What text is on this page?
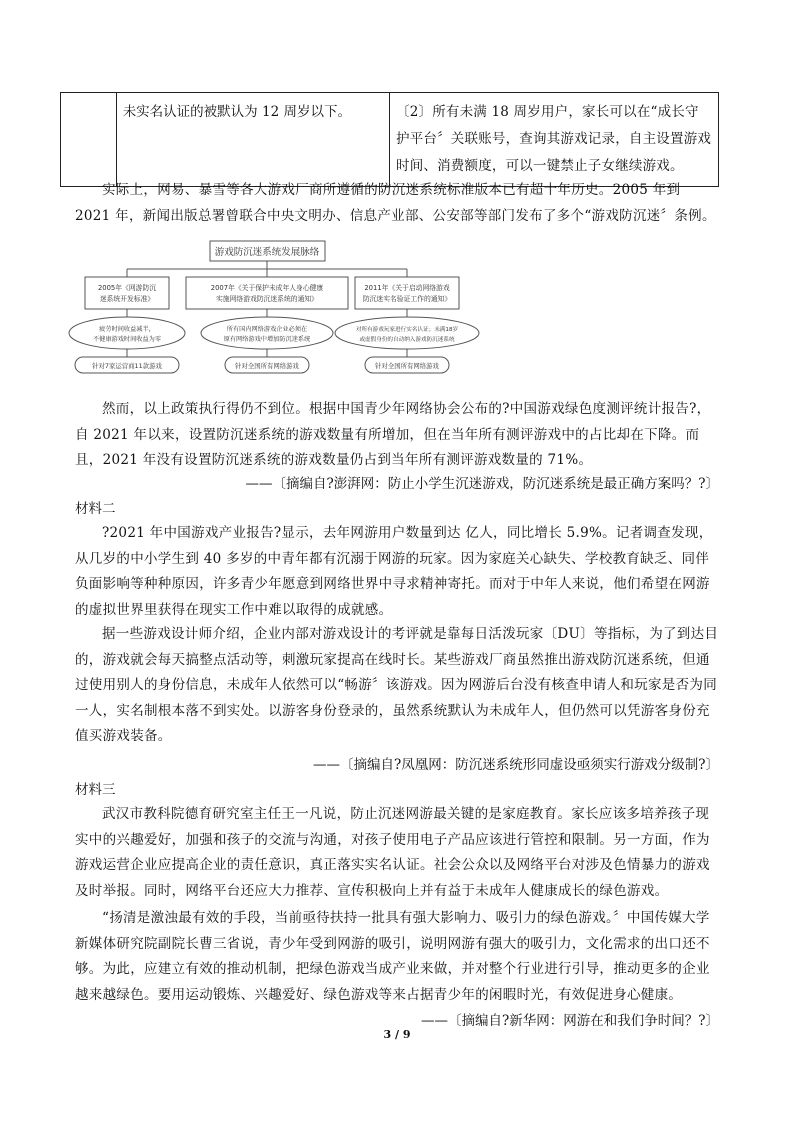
	未实名认证的被默认为 12 周岁以下。	〔2〕所有未满 18 周岁用户，家长可以在“成长守护平台〞关联账号，查询其游戏记录，自主设置游戏时间、消费额度，可以一键禁止子女继续游戏。

实际上，网易、暴雪等各大游戏厂商所遵循的防沉迷系统标准版本已有超十年历史。2005 年到 2021 年，新闻出版总署曾联合中央文明办、信息产业部、公安部等部门发布了多个“游戏防沉迷〞条例。

游戏防沉迷系统发展脉络
2005年《网游防沉
迷系统开发标准》
2007年《关于保护未成年人身心健康
实施网络游戏防沉迷系统的通知》
2011年《关于启动网络游戏
防沉迷实名验证工作的通知》
疲劳时间收益减半，
不健康游戏时间收益为零
所有国内网络游戏企业必须在
原有网络游戏中增加防沉迷系统
对所有游戏玩家进行实名认证；未满18岁
或虚假身份的自动纳入游戏防沉迷系统
针对7家运营商11款游戏	针对全国所有网络游戏	针对全国所有网络游戏

然而，以上政策执行得仍不到位。根据中国青少年网络协会公布的?中国游戏绿色度测评统计报告?，自 2021 年以来，设置防沉迷系统的游戏数量有所增加，但在当年所有测评游戏中的占比却在下降。而且，2021 年没有设置防沉迷系统的游戏数量仍占到当年所有测评游戏数量的 71%。

——〔摘编自?澎湃网：防止小学生沉迷游戏，防沉迷系统是最正确方案吗？?〕

材料二

?2021 年中国游戏产业报告?显示，去年网游用户数量到达 亿人，同比增长 5.9%。记者调查发现，从几岁的中小学生到 40 多岁的中青年都有沉溺于网游的玩家。因为家庭关心缺失、学校教育缺乏、同伴负面影响等种种原因，许多青少年愿意到网络世界中寻求精神寄托。而对于中年人来说，他们希望在网游的虚拟世界里获得在现实工作中难以取得的成就感。

据一些游戏设计师介绍，企业内部对游戏设计的考评就是靠每日活泼玩家〔DU〕等指标，为了到达目的，游戏就会每天搞整点活动等，刺激玩家提高在线时长。某些游戏厂商虽然推出游戏防沉迷系统，但通过使用别人的身份信息，未成年人依然可以“畅游〞该游戏。因为网游后台没有核查申请人和玩家是否为同一人，实名制根本落不到实处。以游客身份登录的，虽然系统默认为未成年人，但仍然可以凭游客身份充值买游戏装备。

——〔摘编自?凤凰网：防沉迷系统形同虚设亟须实行游戏分级制?〕

材料三

武汉市教科院德育研究室主任王一凡说，防止沉迷网游最关键的是家庭教育。家长应该多培养孩子现实中的兴趣爱好，加强和孩子的交流与沟通，对孩子使用电子产品应该进行管控和限制。另一方面，作为游戏运营企业应提高企业的责任意识，真正落实实名认证。社会公众以及网络平台对涉及色情暴力的游戏及时举报。同时，网络平台还应大力推荐、宣传积极向上并有益于未成年人健康成长的绿色游戏。

“扬清是激浊最有效的手段，当前亟待扶持一批具有强大影响力、吸引力的绿色游戏。〞中国传媒大学新媒体研究院副院长曹三省说，青少年受到网游的吸引，说明网游有强大的吸引力，文化需求的出口还不够。为此，应建立有效的推动机制，把绿色游戏当成产业来做，并对整个行业进行引导，推动更多的企业越来越绿色。要用运动锻炼、兴趣爱好、绿色游戏等来占据青少年的闲暇时光，有效促进身心健康。

——〔摘编自?新华网：网游在和我们争时间？?〕

3 / 9
